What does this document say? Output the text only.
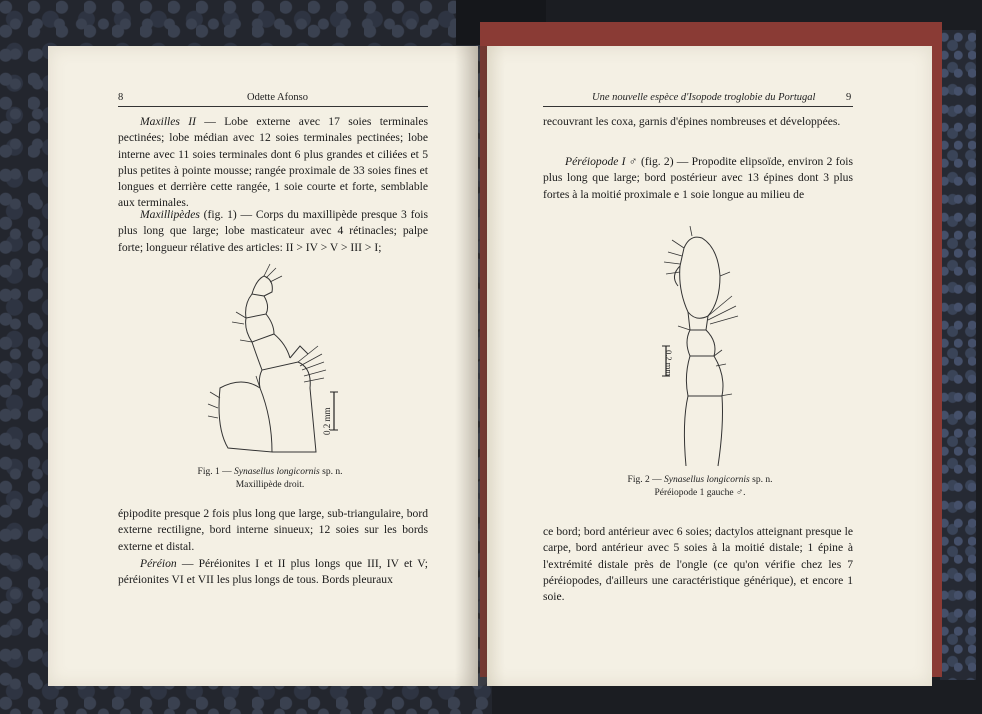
8	Odette Afonso

Maxilles II — Lobe externe avec 17 soies terminales pectinées; lobe médian avec 12 soies terminales pectinées; lobe interne avec 11 soies terminales dont 6 plus grandes et ciliées et 5 plus petites à pointe mousse; rangée proximale de 33 soies fines et longues et derrière cette rangée, 1 soie courte et forte, semblable aux terminales.

Maxillipèdes (fig. 1) — Corps du maxillipède presque 3 fois plus long que large; lobe masticateur avec 4 rétinacles; palpe forte; longueur rélative des articles: II > IV > V > III > I;

0.2 mm
Fig. 1 — Synasellus longicornis sp. n.
Maxillipède droit.

épipodite presque 2 fois plus long que large, sub-triangulaire, bord externe rectiligne, bord interne sinueux; 12 soies sur les bords externe et distal.

Péréion — Péréionites I et II plus longs que III, IV et V; péréionites VI et VII les plus longs de tous. Bords pleuraux

Une nouvelle espèce d'Isopode troglobie du Portugal	9

recouvrant les coxa, garnis d'épines nombreuses et développées.

Péréiopode I ♂ (fig. 2) — Propodite elipsoïde, environ 2 fois plus long que large; bord postérieur avec 13 épines dont 3 plus fortes à la moitié proximale e 1 soie longue au milieu de

0.2 mm
Fig. 2 — Synasellus longicornis sp. n.
Péréiopode 1 gauche ♂.

ce bord; bord antérieur avec 6 soies; dactylos atteignant presque le carpe, bord antérieur avec 5 soies à la moitié distale; 1 épine à l'extrémité distale près de l'ongle (ce qu'on vérifie chez les 7 péréiopodes, d'ailleurs une caractéristique générique), et encore 1 soie.
